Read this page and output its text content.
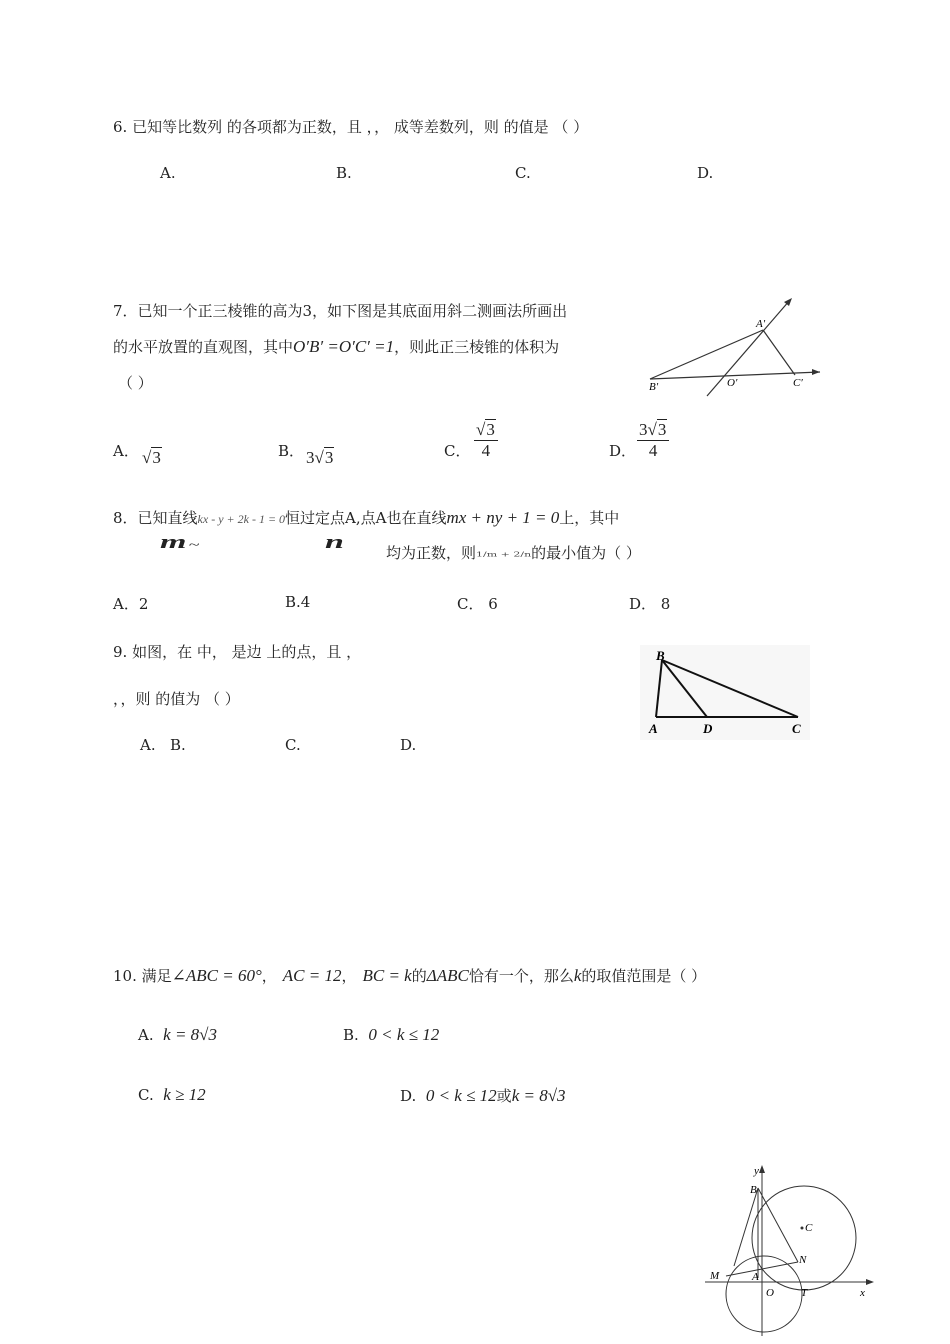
6. 已知等比数列 的各项都为正数，且 ，， 成等差数列，则 的值是 （ ）
A.	B.	C.	D.
7．已知一个正三棱锥的高为3，如下图是其底面用斜二测画法所画出
的水平放置的直观图，其中O′B′ =O′C′ =1，则此正三棱锥的体积为
（ ）
A′
B′	O′	C′
A． √3	B． 3√3	C． $\frac{√3}{4}$	D． $\frac{3√3}{4}$
8．已知直线kx - y + 2k - 1 = 0恒过定点A,点A也在直线mx + ny + 1 = 0上，其中
m~	n
均为正数，则1/m + 2/n的最小值为（ ）
A．2	B.4	C． 6	D． 8
9. 如图，在 中， 是边 上的点，且 ，
，，则 的值为 （ ）
A. B.	C.	D.
B
A	D	C
10. 满足∠ABC = 60°， AC = 12， BC = k的ΔABC恰有一个，那么k的取值范围是（ ）
A. k = 8√3	B. 0 < k ≤ 12
C. k ≥ 12	D. 0 < k ≤ 12或k = 8√3
y
B
C
N
M	A
O T	x
